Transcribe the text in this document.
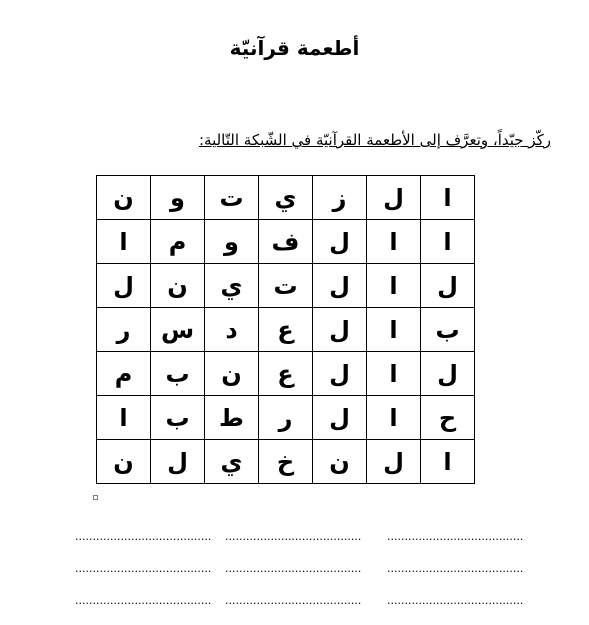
أطعمة قرآنيّة
ركّز جيّداً، وتعرَّف إلى الأطعمة القرآنيّة في الشّبكة التّالية:
ا	ل	ز	ي	ت	و	ن
ا	ا	ل	ف	و	م	ا
ل	ا	ل	ت	ي	ن	ل
ب	ا	ل	ع	د	س	ر
ل	ا	ل	ع	ن	ب	م
ح	ا	ل	ر	ط	ب	ا
ا	ل	ن	خ	ي	ل	ن
....................................... ....................................... .......................................
....................................... ....................................... .......................................
....................................... ....................................... .......................................
